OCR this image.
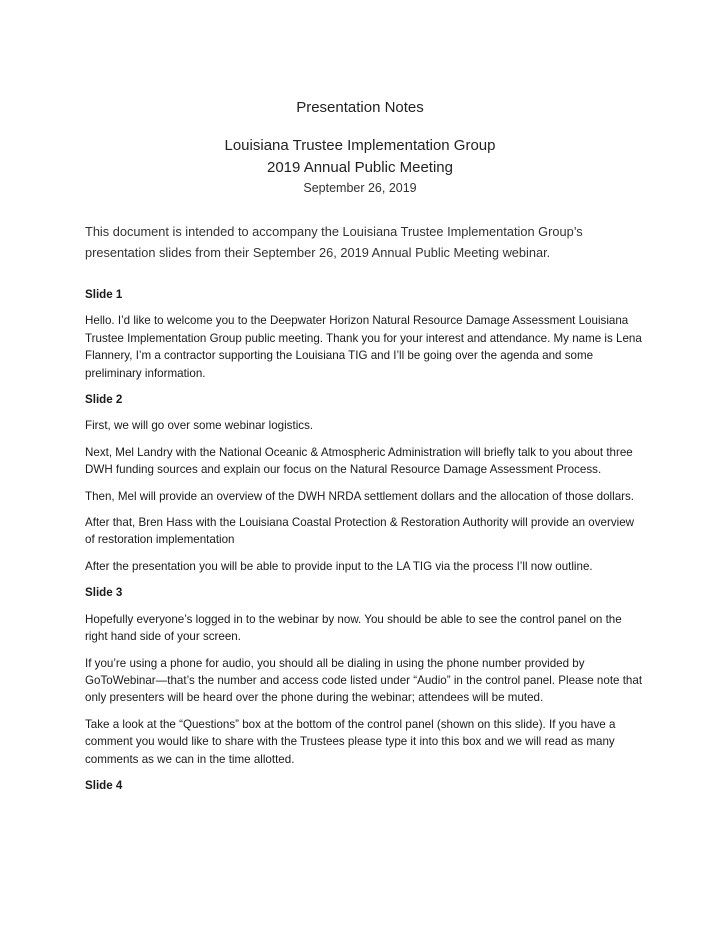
Presentation Notes
Louisiana Trustee Implementation Group
2019 Annual Public Meeting
September 26, 2019

This document is intended to accompany the Louisiana Trustee Implementation Group’s presentation slides from their September 26, 2019 Annual Public Meeting webinar.

Slide 1

Hello. I’d like to welcome you to the Deepwater Horizon Natural Resource Damage Assessment Louisiana Trustee Implementation Group public meeting. Thank you for your interest and attendance. My name is Lena Flannery, I’m a contractor supporting the Louisiana TIG and I’ll be going over the agenda and some preliminary information.

Slide 2

First, we will go over some webinar logistics.

Next, Mel Landry with the National Oceanic & Atmospheric Administration will briefly talk to you about three DWH funding sources and explain our focus on the Natural Resource Damage Assessment Process.

Then, Mel will provide an overview of the DWH NRDA settlement dollars and the allocation of those dollars.

After that, Bren Hass with the Louisiana Coastal Protection & Restoration Authority will provide an overview of restoration implementation

After the presentation you will be able to provide input to the LA TIG via the process I’ll now outline.

Slide 3

Hopefully everyone’s logged in to the webinar by now. You should be able to see the control panel on the right hand side of your screen.

If you’re using a phone for audio, you should all be dialing in using the phone number provided by GoToWebinar—that’s the number and access code listed under “Audio” in the control panel. Please note that only presenters will be heard over the phone during the webinar; attendees will be muted.

Take a look at the “Questions” box at the bottom of the control panel (shown on this slide). If you have a comment you would like to share with the Trustees please type it into this box and we will read as many comments as we can in the time allotted.

Slide 4
